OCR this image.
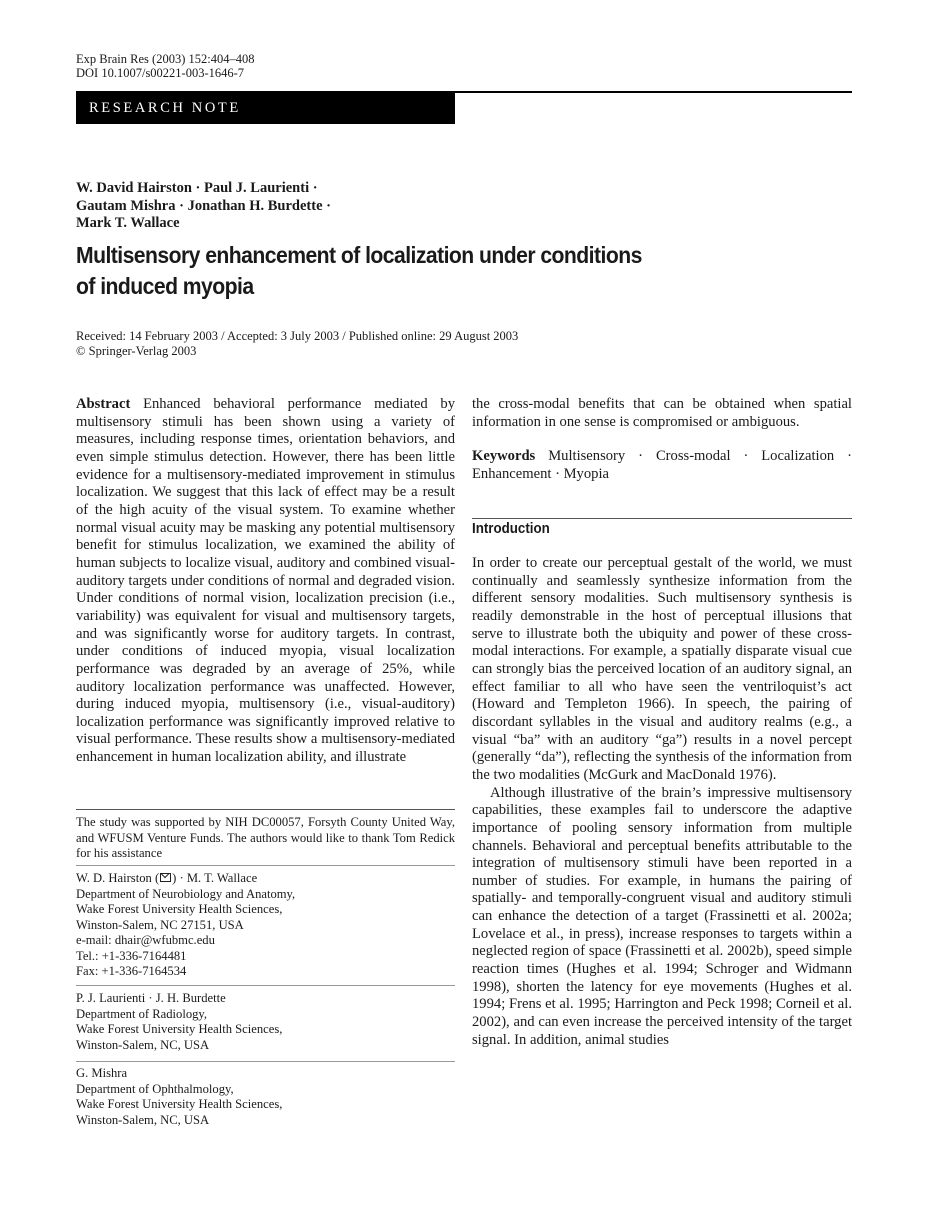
Exp Brain Res (2003) 152:404–408
DOI 10.1007/s00221-003-1646-7
RESEARCH NOTE
W. David Hairston · Paul J. Laurienti ·
Gautam Mishra · Jonathan H. Burdette ·
Mark T. Wallace
Multisensory enhancement of localization under conditions
of induced myopia
Received: 14 February 2003 / Accepted: 3 July 2003 / Published online: 29 August 2003
© Springer-Verlag 2003

Abstract Enhanced behavioral performance mediated by multisensory stimuli has been shown using a variety of measures, including response times, orientation behaviors, and even simple stimulus detection. However, there has been little evidence for a multisensory-mediated improvement in stimulus localization. We suggest that this lack of effect may be a result of the high acuity of the visual system. To examine whether normal visual acuity may be masking any potential multisensory benefit for stimulus localization, we examined the ability of human subjects to localize visual, auditory and combined visual-auditory targets under conditions of normal and degraded vision. Under conditions of normal vision, localization precision (i.e., variability) was equivalent for visual and multisensory targets, and was significantly worse for auditory targets. In contrast, under conditions of induced myopia, visual localization performance was degraded by an average of 25%, while auditory localization performance was unaffected. However, during induced myopia, multisensory (i.e., visual-auditory) localization performance was significantly improved relative to visual performance. These results show a multisensory-mediated enhancement in human localization ability, and illustrate

The study was supported by NIH DC00057, Forsyth County United Way, and WFUSM Venture Funds. The authors would like to thank Tom Redick for his assistance
W. D. Hairston ( ) · M. T. Wallace
Department of Neurobiology and Anatomy,
Wake Forest University Health Sciences,
Winston-Salem, NC 27151, USA
e-mail: dhair@wfubmc.edu
Tel.: +1-336-7164481
Fax: +1-336-7164534
P. J. Laurienti · J. H. Burdette
Department of Radiology,
Wake Forest University Health Sciences,
Winston-Salem, NC, USA
G. Mishra
Department of Ophthalmology,
Wake Forest University Health Sciences,
Winston-Salem, NC, USA

the cross-modal benefits that can be obtained when spatial information in one sense is compromised or ambiguous.

Keywords Multisensory · Cross-modal · Localization · Enhancement · Myopia

Introduction

In order to create our perceptual gestalt of the world, we must continually and seamlessly synthesize information from the different sensory modalities. Such multisensory synthesis is readily demonstrable in the host of perceptual illusions that serve to illustrate both the ubiquity and power of these cross-modal interactions. For example, a spatially disparate visual cue can strongly bias the perceived location of an auditory signal, an effect familiar to all who have seen the ventriloquist’s act (Howard and Templeton 1966). In speech, the pairing of discordant syllables in the visual and auditory realms (e.g., a visual “ba” with an auditory “ga”) results in a novel percept (generally “da”), reflecting the synthesis of the information from the two modalities (McGurk and MacDonald 1976).

Although illustrative of the brain’s impressive multisensory capabilities, these examples fail to underscore the adaptive importance of pooling sensory information from multiple channels. Behavioral and perceptual benefits attributable to the integration of multisensory stimuli have been reported in a number of studies. For example, in humans the pairing of spatially- and temporally-congruent visual and auditory stimuli can enhance the detection of a target (Frassinetti et al. 2002a; Lovelace et al., in press), increase responses to targets within a neglected region of space (Frassinetti et al. 2002b), speed simple reaction times (Hughes et al. 1994; Schroger and Widmann 1998), shorten the latency for eye movements (Hughes et al. 1994; Frens et al. 1995; Harrington and Peck 1998; Corneil et al. 2002), and can even increase the perceived intensity of the target signal. In addition, animal studies
